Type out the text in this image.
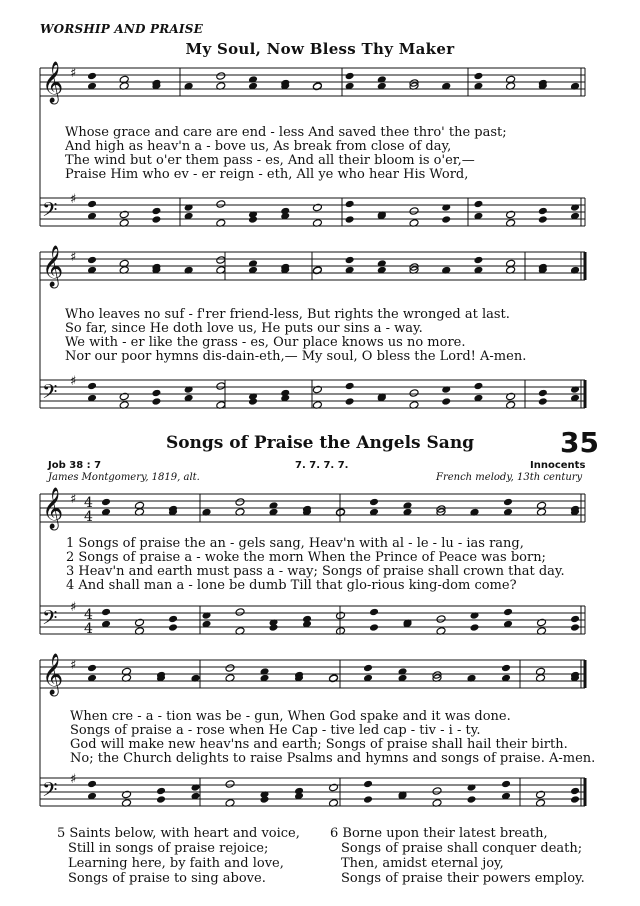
WORSHIP AND PRAISE
My Soul, Now Bless Thy Maker
𝄞 ♯
𝄢 ♯
𝄞 ♯
𝄢 ♯
𝄞 ♯ 4
4
𝄢 ♯ 4
4
𝄞 ♯
𝄢 ♯
Whose grace and care are end - less And saved thee thro' the past;
And high as heav'n a - bove us, As break from close of day,
The wind but o'er them pass - es, And all their bloom is o'er,—
Praise Him who ev - er reign - eth, All ye who hear His Word,
Who leaves no suf - f'rer friend-less, But rights the wronged at last.
So far, since He doth love us, He puts our sins a - way.
We with - er like the grass - es, Our place knows us no more.
Nor our poor hymns dis-dain-eth,— My soul, O bless the Lord! A-men.
Songs of Praise the Angels Sang	35
Job 38 : 7	7. 7. 7. 7.	Innocents
James Montgomery, 1819, alt.	French melody, 13th century
1 Songs of praise the an - gels sang, Heav'n with al - le - lu - ias rang,
2 Songs of praise a - woke the morn When the Prince of Peace was born;
3 Heav'n and earth must pass a - way; Songs of praise shall crown that day.
4 And shall man a - lone be dumb Till that glo-rious king-dom come?
When cre - a - tion was be - gun, When God spake and it was done.
Songs of praise a - rose when He Cap - tive led cap - tiv - i - ty.
God will make new heav'ns and earth; Songs of praise shall hail their birth.
No; the Church delights to raise Psalms and hymns and songs of praise. A-men.
5 Saints below, with heart and voice,
Still in songs of praise rejoice;
Learning here, by faith and love,
Songs of praise to sing above.
6 Borne upon their latest breath,
Songs of praise shall conquer death;
Then, amidst eternal joy,
Songs of praise their powers employ.
